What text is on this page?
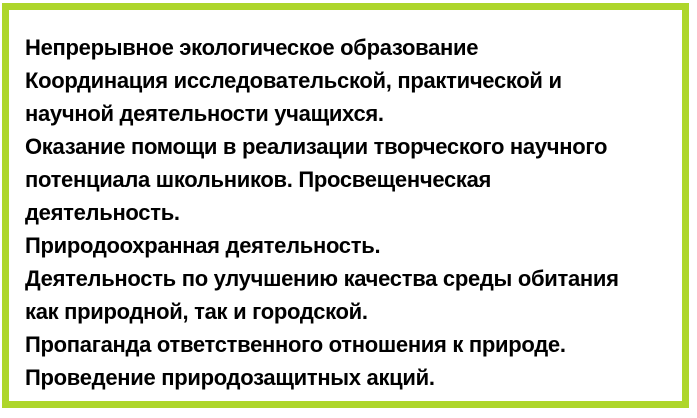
Непрерывное экологическое образование
Координация исследовательской, практической и
научной деятельности учащихся.
Оказание помощи в реализации творческого научного
потенциала школьников. Просвещенческая
деятельность.
Природоохранная деятельность.
Деятельность по улучшению качества среды обитания
как природной, так и городской.
Пропаганда ответственного отношения к природе.
Проведение природозащитных акций.
